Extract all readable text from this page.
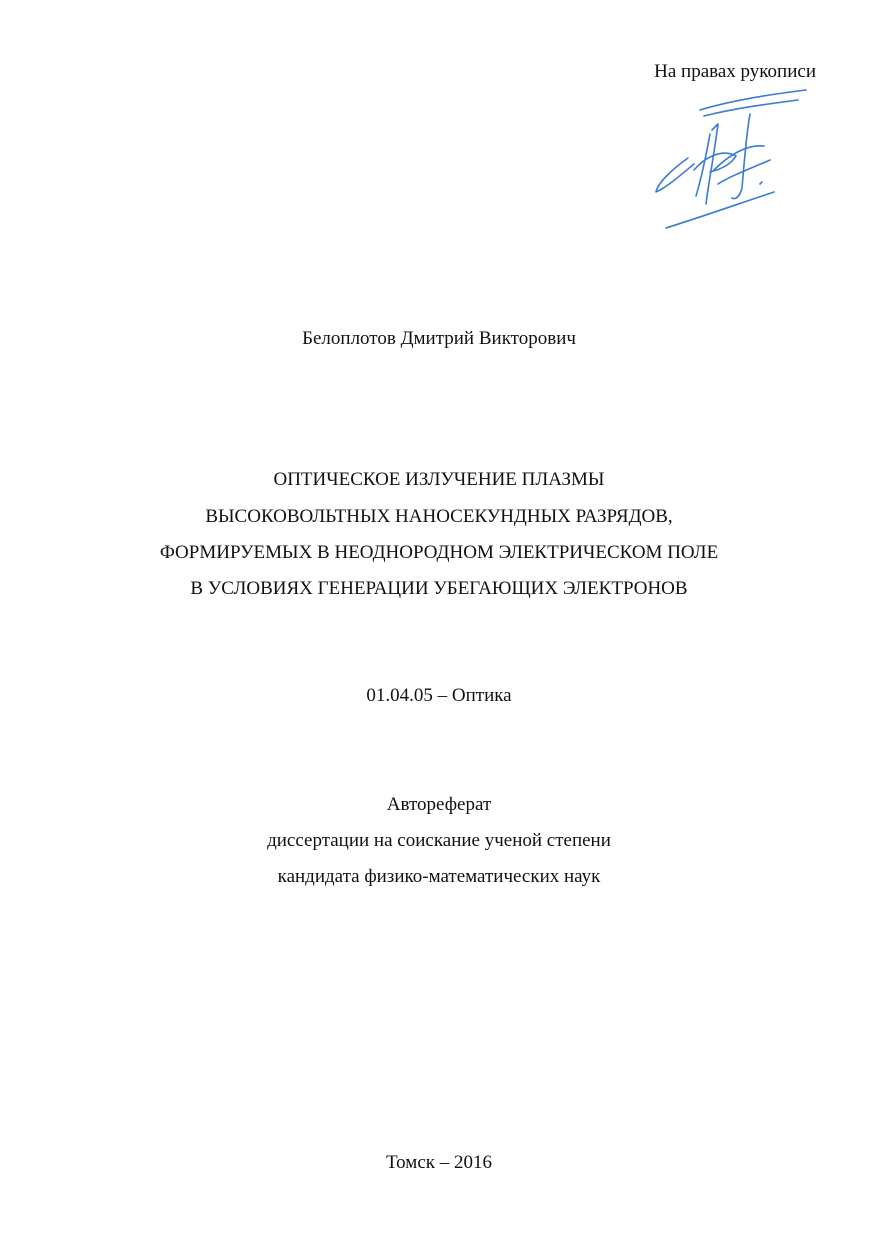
На правах рукописи
Белоплотов Дмитрий Викторович
ОПТИЧЕСКОЕ ИЗЛУЧЕНИЕ ПЛАЗМЫ
ВЫСОКОВОЛЬТНЫХ НАНОСЕКУНДНЫХ РАЗРЯДОВ,
ФОРМИРУЕМЫХ В НЕОДНОРОДНОМ ЭЛЕКТРИЧЕСКОМ ПОЛЕ
В УСЛОВИЯХ ГЕНЕРАЦИИ УБЕГАЮЩИХ ЭЛЕКТРОНОВ
01.04.05 – Оптика
Автореферат
диссертации на соискание ученой степени
кандидата физико-математических наук
Томск – 2016
